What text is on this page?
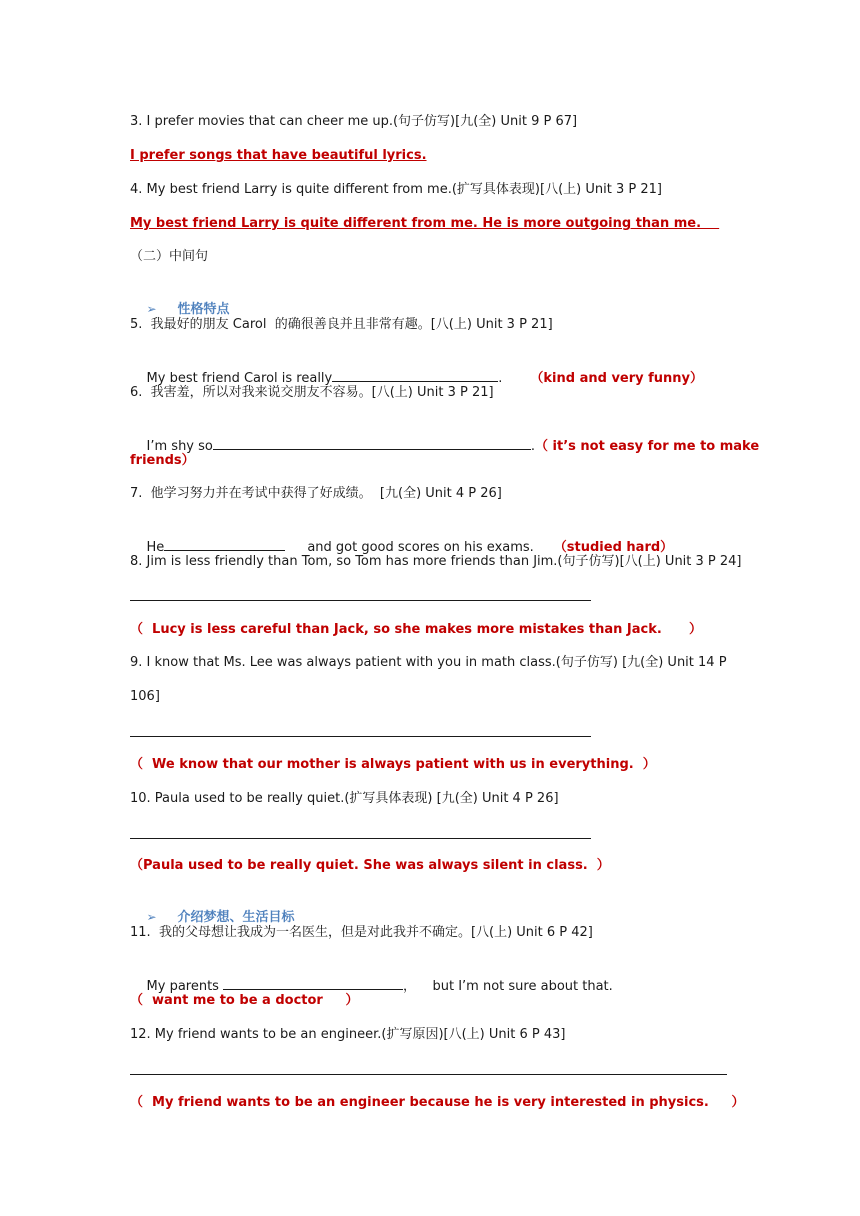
3. I prefer movies that can cheer me up.(句子仿写)[九(全) Unit 9 P 67]
I prefer songs that have beautiful lyrics.
4. My best friend Larry is quite different from me.(扩写具体表现)[八(上) Unit 3 P 21]
My best friend Larry is quite different from me. He is more outgoing than me.
（二）中间句

➢ 性格特点

5.  我最好的朋友 Carol  的确很善良并且非常有趣。[八(上) Unit 3 P 21]

My best friend Carol is really	. （kind and very funny）

6.  我害羞，所以对我来说交朋友不容易。[八(上) Unit 3 P 21]

I’m shy so	.（ it’s not easy for me to make

friends）
7.  他学习努力并在考试中获得了好成绩。  [九(全) Unit 4 P 26]

He	and got good scores on his exams. （studied hard）

8. Jim is less friendly than Tom, so Tom has more friends than Jim.(句子仿写)[八(上) Unit 3 P 24]
（  Lucy is less careful than Jack, so she makes more mistakes than Jack.      ）
9. I know that Ms. Lee was always patient with you in math class.(句子仿写) [九(全) Unit 14 P
106]
（  We know that our mother is always patient with us in everything.  ）
10. Paula used to be really quiet.(扩写具体表现) [九(全) Unit 4 P 26]
（Paula used to be really quiet. She was always silent in class.  ）

➢ 介绍梦想、生活目标

11.  我的父母想让我成为一名医生，但是对此我并不确定。[八(上) Unit 6 P 42]

My parents	，    but I’m not sure about that.

（  want me to be a doctor     ）
12. My friend wants to be an engineer.(扩写原因)[八(上) Unit 6 P 43]
（  My friend wants to be an engineer because he is very interested in physics.     ）
